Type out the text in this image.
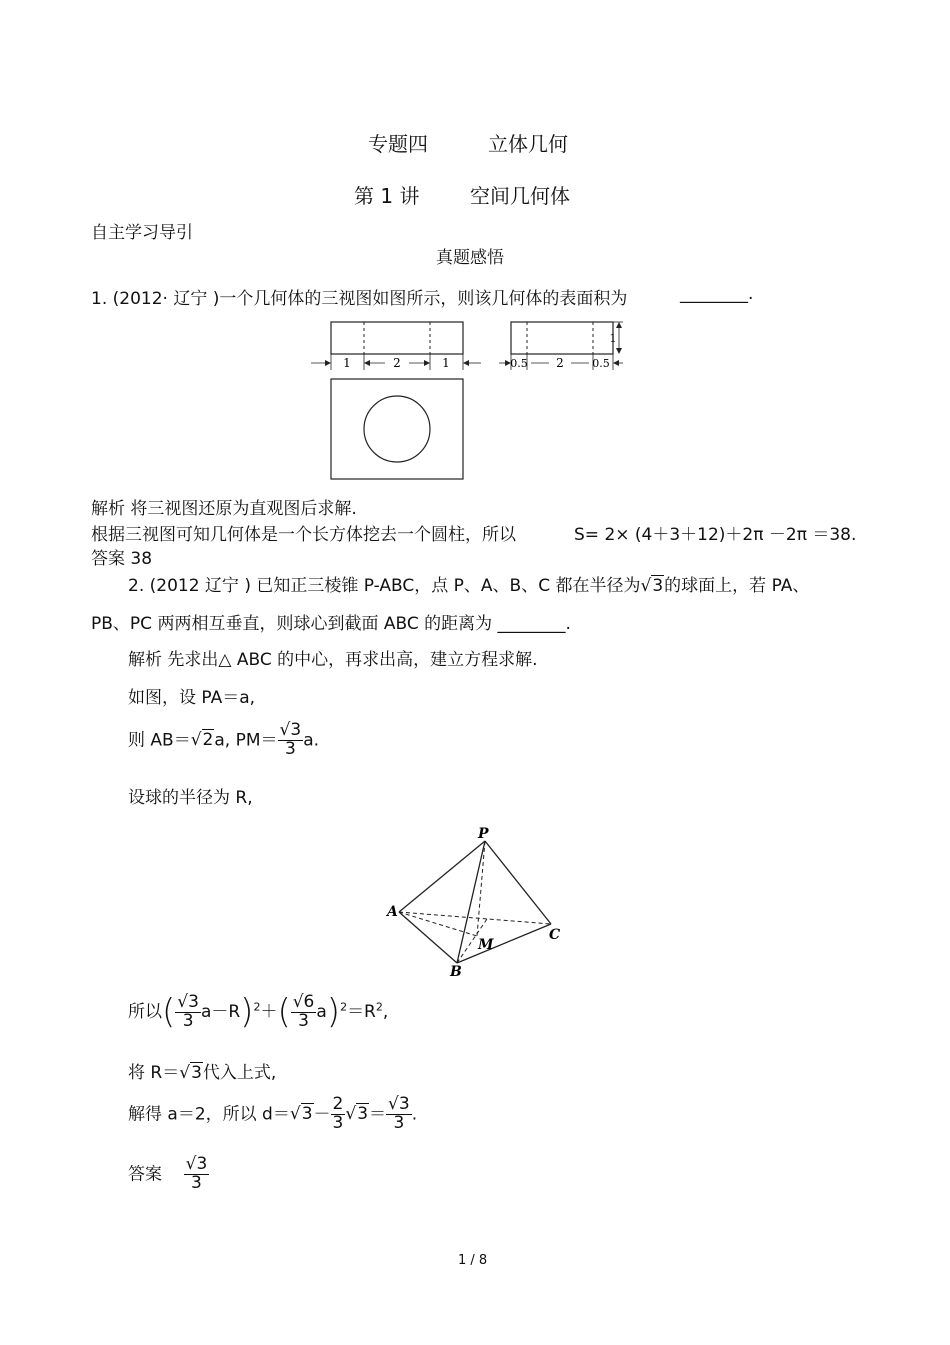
专题四	立体几何
第 1 讲	空间几何体
自主学习导引
真题感悟
1. (2012· 辽宁 )一个几何体的三视图如图所示，则该几何体的表面积为	________.
1	2	1	0.5 2	0.5
1
解析 将三视图还原为直观图后求解.
根据三视图可知几何体是一个长方体挖去一个圆柱，所以	S= 2× (4＋3＋12)＋2π －2π ＝38.
答案 38
2. (2012 辽宁 ) 已知正三棱锥 P-ABC，点 P、A、B、C 都在半径为√3的球面上，若 PA、
PB、PC 两两相互垂直，则球心到截面 ABC 的距离为 ________.
解析 先求出△ ABC 的中心，再求出高，建立方程求解.
如图，设 PA＝a,
则 AB＝√2a, $PM= \frac{√3}{3} a$.
设球的半径为 R,
P
A
B
C
M
所以( $\frac{√3}{3} a-R)^2+( \frac{√6}{3} a)^2=R^2$,
将 R＝√3代入上式,
解得 a＝2，所以 $d=√3- \frac{2}{3} √3= \frac{√3}{3}$ .
答案 $\frac{√3}{3}$
1 / 8
